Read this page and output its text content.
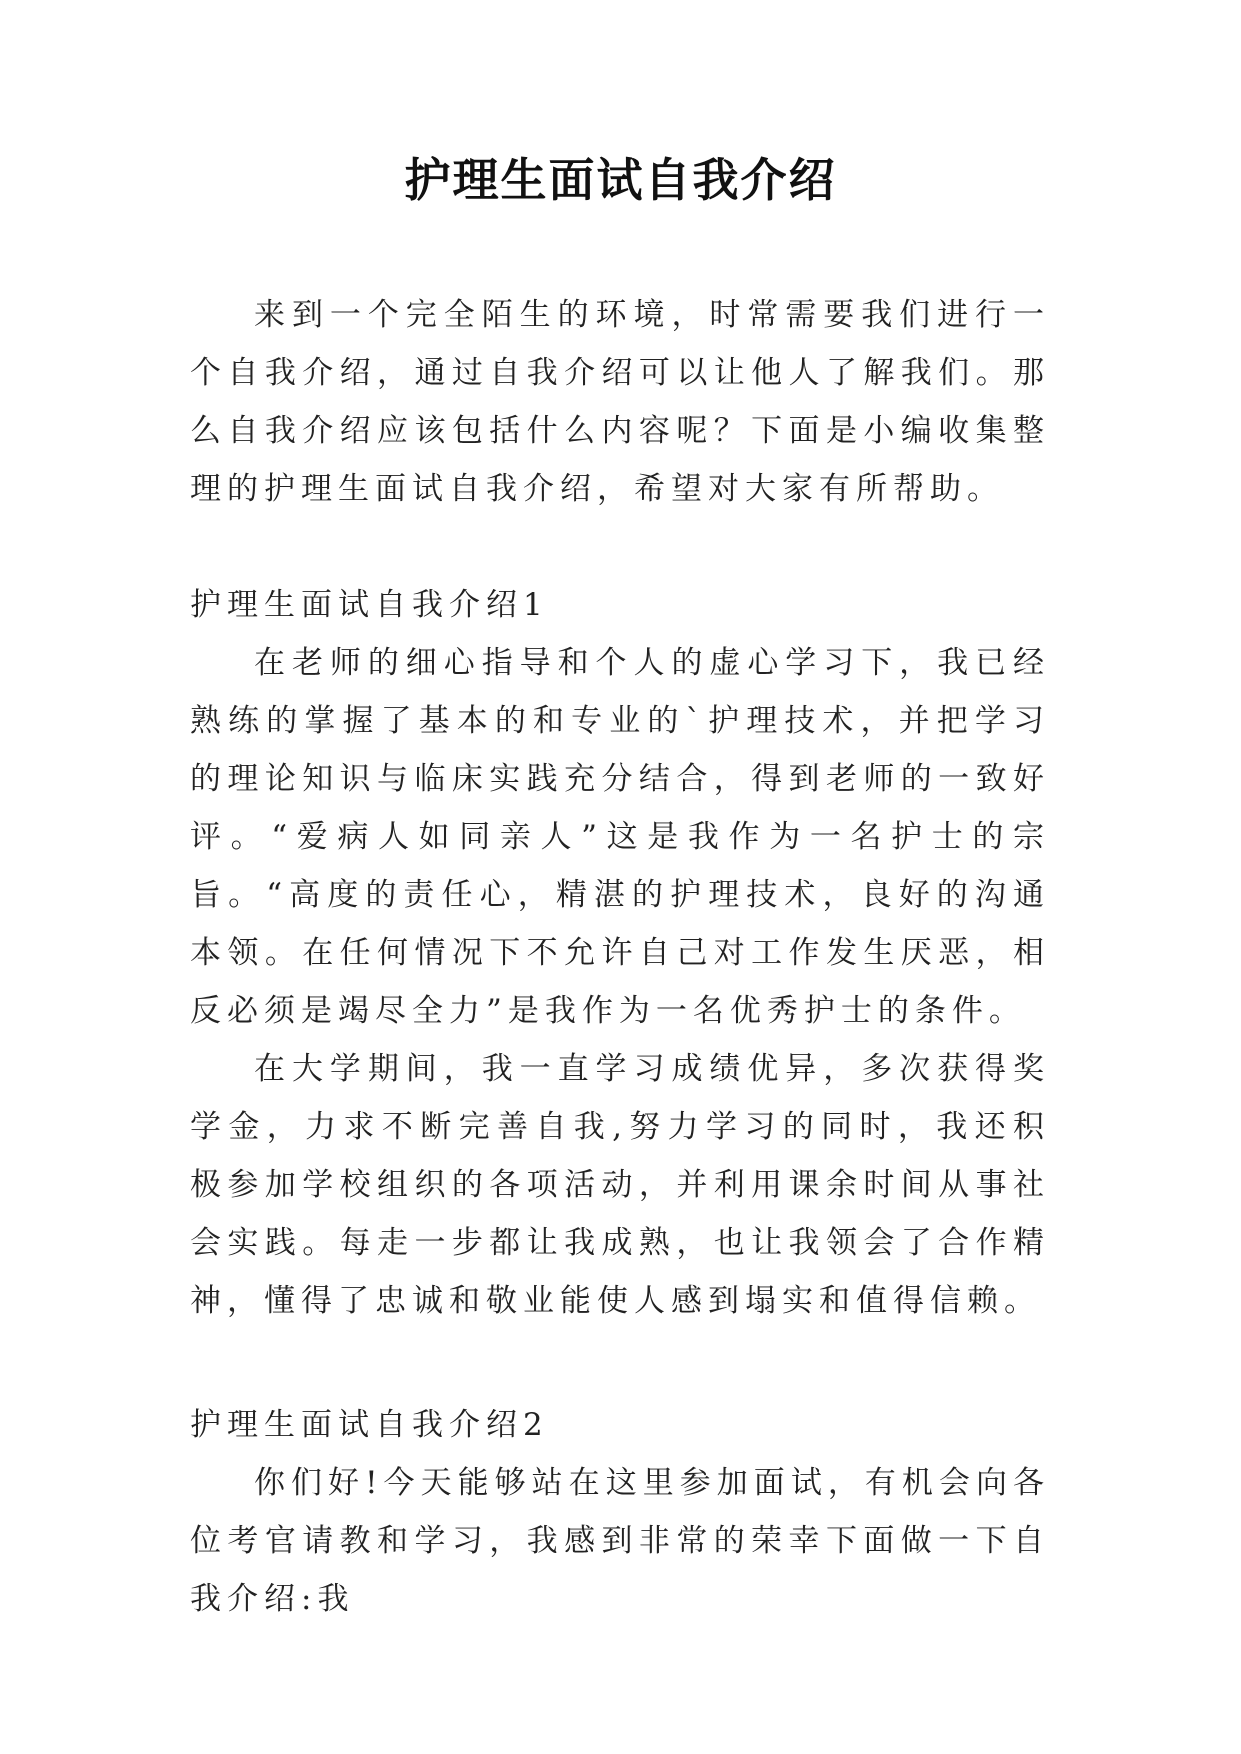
护理生面试自我介绍

来到一个完全陌生的环境，时常需要我们进行一个自我介绍，通过自我介绍可以让他人了解我们。那么自我介绍应该包括什么内容呢？下面是小编收集整理的护理生面试自我介绍，希望对大家有所帮助。

护理生面试自我介绍1

在老师的细心指导和个人的虚心学习下，我已经熟练的掌握了基本的和专业的`护理技术，并把学习的理论知识与临床实践充分结合，得到老师的一致好评。“爱病人如同亲人”这是我作为一名护士的宗旨。“高度的责任心，精湛的护理技术，良好的沟通本领。在任何情况下不允许自己对工作发生厌恶，相反必须是竭尽全力”是我作为一名优秀护士的条件。

在大学期间，我一直学习成绩优异，多次获得奖学金，力求不断完善自我,努力学习的同时，我还积极参加学校组织的各项活动，并利用课余时间从事社会实践。每走一步都让我成熟，也让我领会了合作精神，懂得了忠诚和敬业能使人感到塌实和值得信赖。

护理生面试自我介绍2

你们好!今天能够站在这里参加面试，有机会向各位考官请教和学习，我感到非常的荣幸下面做一下自我介绍:我
